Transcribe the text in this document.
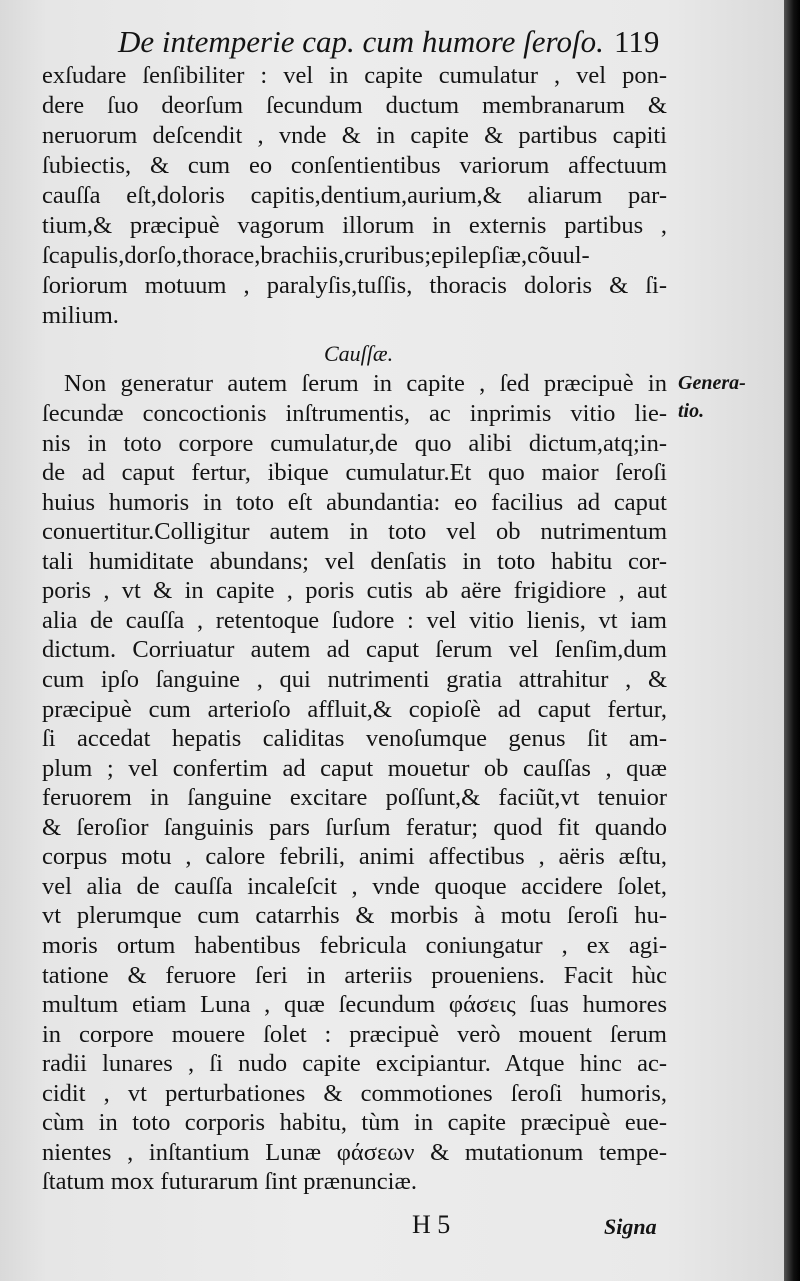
De intemperie cap. cum humore ſeroſo. 119
exſudare ſenſibiliter : vel in capite cumulatur , vel pon-
dere ſuo deorſum ſecundum ductum membranarum &
neruorum deſcendit , vnde & in capite & partibus capiti
ſubiectis, & cum eo conſentientibus variorum affectuum
cauſſa eſt,doloris capitis,dentium,aurium,& aliarum par-
tium,& præcipuè vagorum illorum in externis partibus ,
ſcapulis,dorſo,thorace,brachiis,cruribus;epilepſiæ,cõuul-
ſoriorum motuum , paralyſis,tuſſis, thoracis doloris & ſi-
milium.
Cauſſæ.
Genera-
tio.
Non generatur autem ſerum in capite , ſed præcipuè in
ſecundæ concoctionis inſtrumentis, ac inprimis vitio lie-
nis in toto corpore cumulatur,de quo alibi dictum,atq;in-
de ad caput fertur, ibique cumulatur.Et quo maior ſeroſi
huius humoris in toto eſt abundantia: eo facilius ad caput
conuertitur.Colligitur autem in toto vel ob nutrimentum
tali humiditate abundans; vel denſatis in toto habitu cor-
poris , vt & in capite , poris cutis ab aëre frigidiore , aut
alia de cauſſa , retentoque ſudore : vel vitio lienis, vt iam
dictum. Corriuatur autem ad caput ſerum vel ſenſim,dum
cum ipſo ſanguine , qui nutrimenti gratia attrahitur , &
præcipuè cum arterioſo affluit,& copioſè ad caput fertur,
ſi accedat hepatis caliditas venoſumque genus ſit am-
plum ; vel confertim ad caput mouetur ob cauſſas , quæ
feruorem in ſanguine excitare poſſunt,& faciũt,vt tenuior
& ſeroſior ſanguinis pars ſurſum feratur; quod fit quando
corpus motu , calore febrili, animi affectibus , aëris æſtu,
vel alia de cauſſa incaleſcit , vnde quoque accidere ſolet,
vt plerumque cum catarrhis & morbis à motu ſeroſi hu-
moris ortum habentibus febricula coniungatur , ex agi-
tatione & feruore ſeri in arteriis proueniens. Facit hùc
multum etiam Luna , quæ ſecundum φάσεις ſuas humores
in corpore mouere ſolet : præcipuè verò mouent ſerum
radii lunares , ſi nudo capite excipiantur. Atque hinc ac-
cidit , vt perturbationes & commotiones ſeroſi humoris,
cùm in toto corporis habitu, tùm in capite præcipuè eue-
nientes , inſtantium Lunæ φάσεων & mutationum tempe-
ſtatum mox futurarum ſint prænunciæ.
H 5	Signa
